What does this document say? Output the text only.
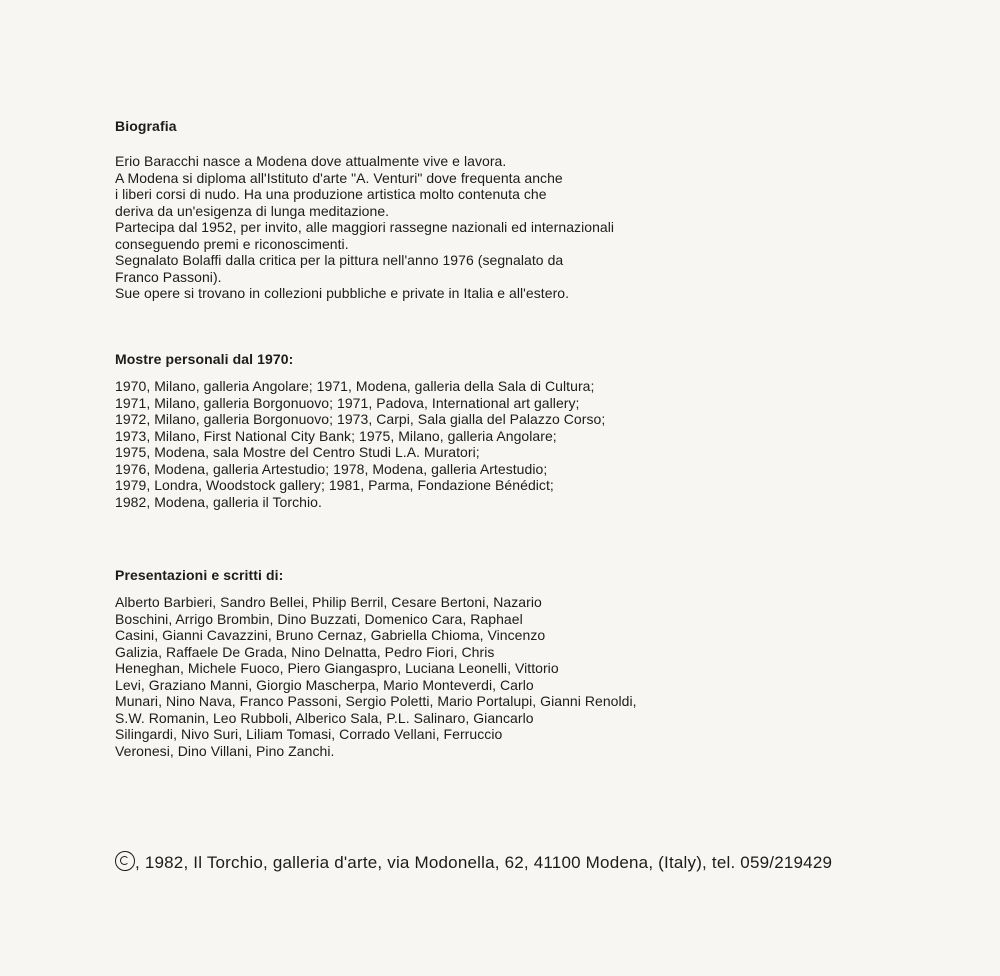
Biografia
Erio Baracchi nasce a Modena dove attualmente vive e lavora.
A Modena si diploma all'Istituto d'arte "A. Venturi" dove frequenta anche
i liberi corsi di nudo. Ha una produzione artistica molto contenuta che
deriva da un'esigenza di lunga meditazione.
Partecipa dal 1952, per invito, alle maggiori rassegne nazionali ed internazionali
conseguendo premi e riconoscimenti.
Segnalato Bolaffi dalla critica per la pittura nell'anno 1976 (segnalato da
Franco Passoni).
Sue opere si trovano in collezioni pubbliche e private in Italia e all'estero.
Mostre personali dal 1970:
1970, Milano, galleria Angolare; 1971, Modena, galleria della Sala di Cultura;
1971, Milano, galleria Borgonuovo; 1971, Padova, International art gallery;
1972, Milano, galleria Borgonuovo; 1973, Carpi, Sala gialla del Palazzo Corso;
1973, Milano, First National City Bank; 1975, Milano, galleria Angolare;
1975, Modena, sala Mostre del Centro Studi L.A. Muratori;
1976, Modena, galleria Artestudio; 1978, Modena, galleria Artestudio;
1979, Londra, Woodstock gallery; 1981, Parma, Fondazione Bénédict;
1982, Modena, galleria il Torchio.
Presentazioni e scritti di:
Alberto Barbieri, Sandro Bellei, Philip Berril, Cesare Bertoni, Nazario
Boschini, Arrigo Brombin, Dino Buzzati, Domenico Cara, Raphael
Casini, Gianni Cavazzini, Bruno Cernaz, Gabriella Chioma, Vincenzo
Galizia, Raffaele De Grada, Nino Delnatta, Pedro Fiori, Chris
Heneghan, Michele Fuoco, Piero Giangaspro, Luciana Leonelli, Vittorio
Levi, Graziano Manni, Giorgio Mascherpa, Mario Monteverdi, Carlo
Munari, Nino Nava, Franco Passoni, Sergio Poletti, Mario Portalupi, Gianni Renoldi,
S.W. Romanin, Leo Rubboli, Alberico Sala, P.L. Salinaro, Giancarlo
Silingardi, Nivo Suri, Liliam Tomasi, Corrado Vellani, Ferruccio
Veronesi, Dino Villani, Pino Zanchi.
, 1982, Il Torchio, galleria d'arte, via Modonella, 62, 41100 Modena, (Italy), tel. 059/219429
